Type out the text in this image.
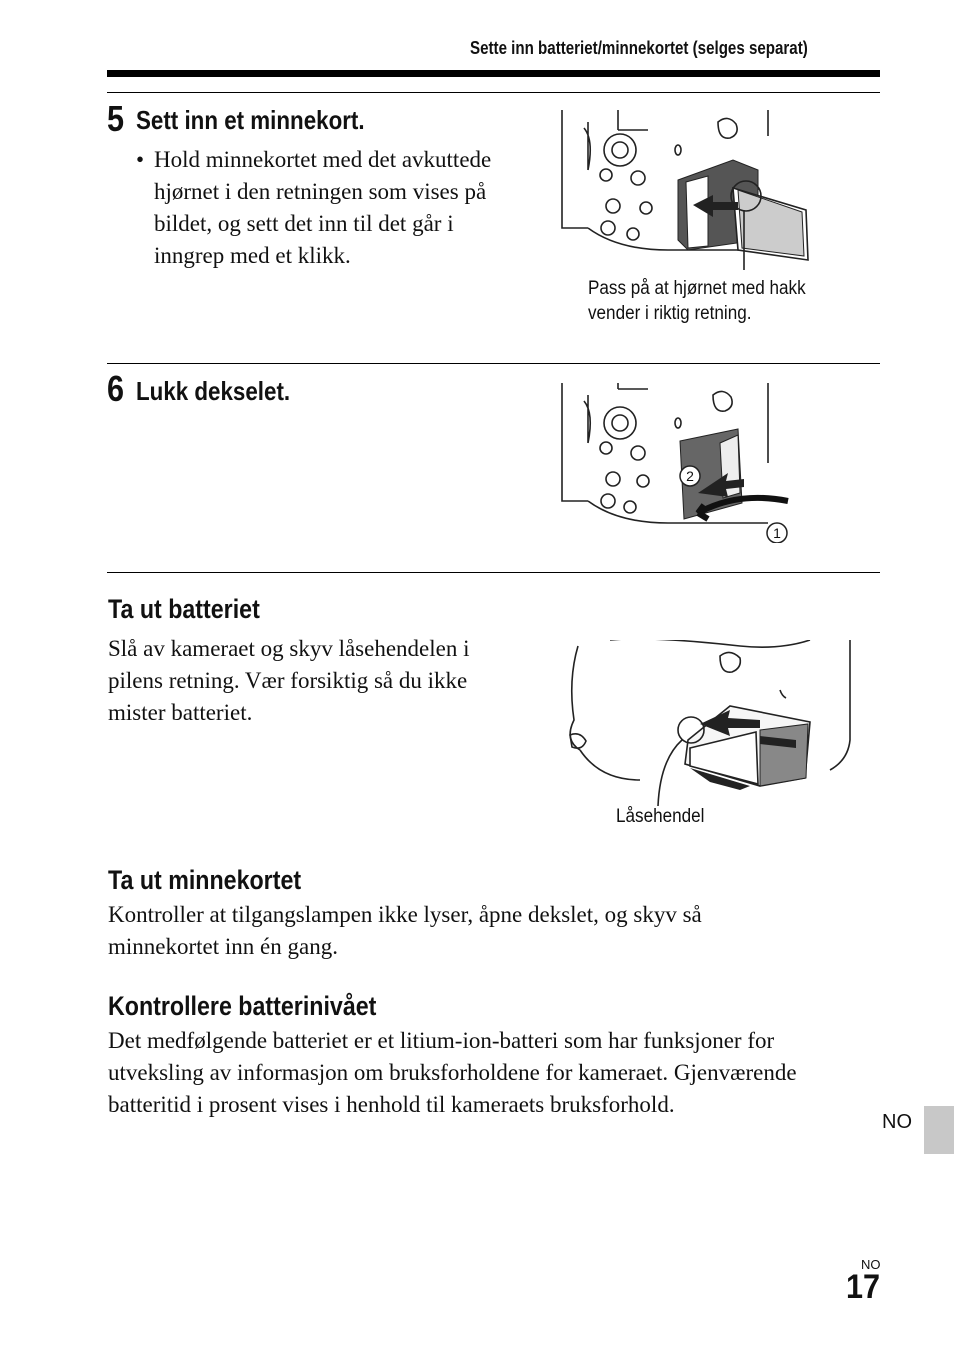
Sette inn batteriet/minnekortet (selges separat)
5 Sett inn et minnekort.
• Hold minnekortet med det avkuttede
hjørnet i den retningen som vises på
bildet, og sett det inn til det går i
inngrep med et klikk.
Pass på at hjørnet med hakk
vender i riktig retning.
6 Lukk dekselet.
2
1
Ta ut batteriet
Slå av kameraet og skyv låsehendelen i
pilens retning. Vær forsiktig så du ikke
mister batteriet.
Låsehendel
Ta ut minnekortet
Kontroller at tilgangslampen ikke lyser, åpne dekslet, og skyv så
minnekortet inn én gang.
Kontrollere batterinivået
Det medfølgende batteriet er et litium-ion-batteri som har funksjoner for
utveksling av informasjon om bruksforholdene for kameraet. Gjenværende
batteritid i prosent vises i henhold til kameraets bruksforhold.
NO
NO
17
